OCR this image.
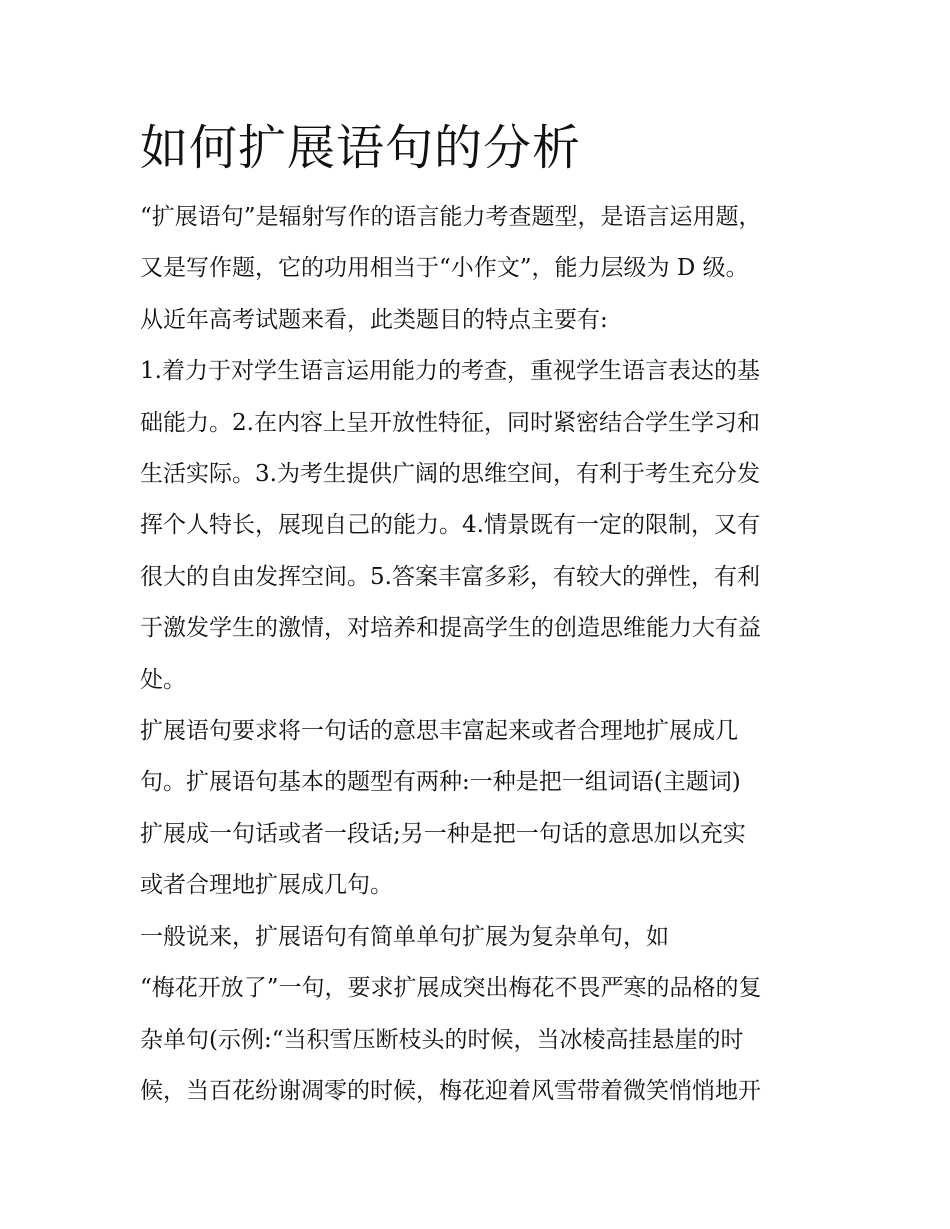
如何扩展语句的分析

“扩展语句”是辐射写作的语言能力考查题型，是语言运用题，
又是写作题，它的功用相当于“小作文”，能力层级为 D 级。

从近年高考试题来看，此类题目的特点主要有:

1.着力于对学生语言运用能力的考查，重视学生语言表达的基
础能力。2.在内容上呈开放性特征，同时紧密结合学生学习和
生活实际。3.为考生提供广阔的思维空间，有利于考生充分发
挥个人特长，展现自己的能力。4.情景既有一定的限制，又有
很大的自由发挥空间。5.答案丰富多彩，有较大的弹性，有利
于激发学生的激情，对培养和提高学生的创造思维能力大有益
处。

扩展语句要求将一句话的意思丰富起来或者合理地扩展成几
句。扩展语句基本的题型有两种:一种是把一组词语(主题词)
扩展成一句话或者一段话;另一种是把一句话的意思加以充实
或者合理地扩展成几句。

一般说来，扩展语句有简单单句扩展为复杂单句，如
“梅花开放了”一句，要求扩展成突出梅花不畏严寒的品格的复
杂单句(示例:“当积雪压断枝头的时候，当冰棱高挂悬崖的时
候，当百花纷谢凋零的时候，梅花迎着风雪带着微笑悄悄地开
